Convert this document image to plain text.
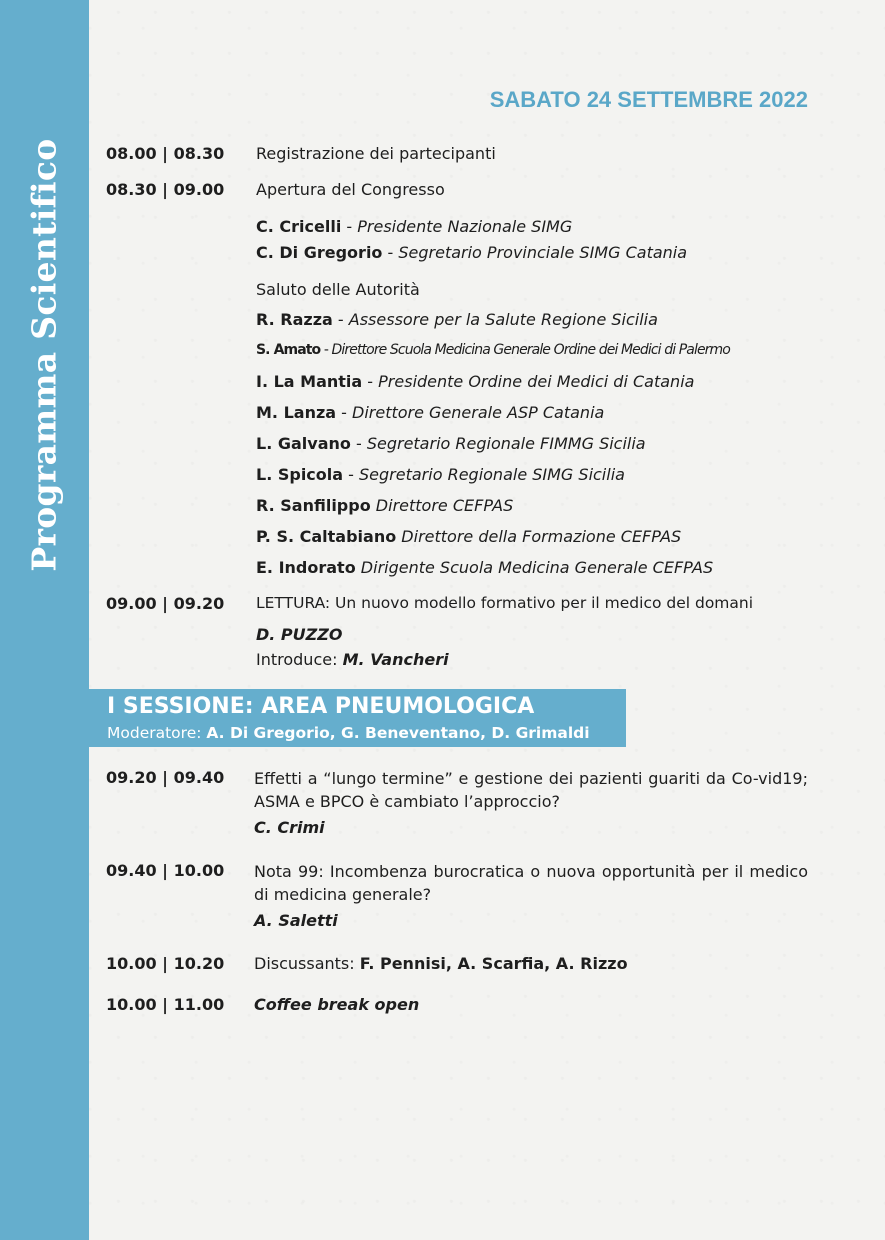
Programma Scientifico
SABATO 24 SETTEMBRE 2022
08.00 | 08.30	Registrazione dei partecipanti
08.30 | 09.00	Apertura del Congresso
C. Cricelli - Presidente Nazionale SIMG
C. Di Gregorio - Segretario Provinciale SIMG Catania
Saluto delle Autorità
R. Razza - Assessore per la Salute Regione Sicilia
S. Amato - Direttore Scuola Medicina Generale Ordine dei Medici di Palermo
I. La Mantia - Presidente Ordine dei Medici di Catania
M. Lanza - Direttore Generale ASP Catania
L. Galvano - Segretario Regionale FIMMG Sicilia
L. Spicola - Segretario Regionale SIMG Sicilia
R. Sanfilippo Direttore CEFPAS
P. S. Caltabiano Direttore della Formazione CEFPAS
E. Indorato Dirigente Scuola Medicina Generale CEFPAS
09.00 | 09.20	LETTURA: Un nuovo modello formativo per il medico del domani
D. PUZZO
Introduce: M. Vancheri
I SESSIONE: AREA PNEUMOLOGICA
Moderatore: A. Di Gregorio, G. Beneventano, D. Grimaldi
09.20 | 09.40	Effetti a “lungo termine” e gestione dei pazienti guariti da Co-vid19; ASMA e BPCO è cambiato l’approccio?
C. Crimi
09.40 | 10.00	Nota 99: Incombenza burocratica o nuova opportunità per il medico di medicina generale?
A. Saletti
10.00 | 10.20	Discussants: F. Pennisi, A. Scarfia, A. Rizzo
10.00 | 11.00	Coffee break open
